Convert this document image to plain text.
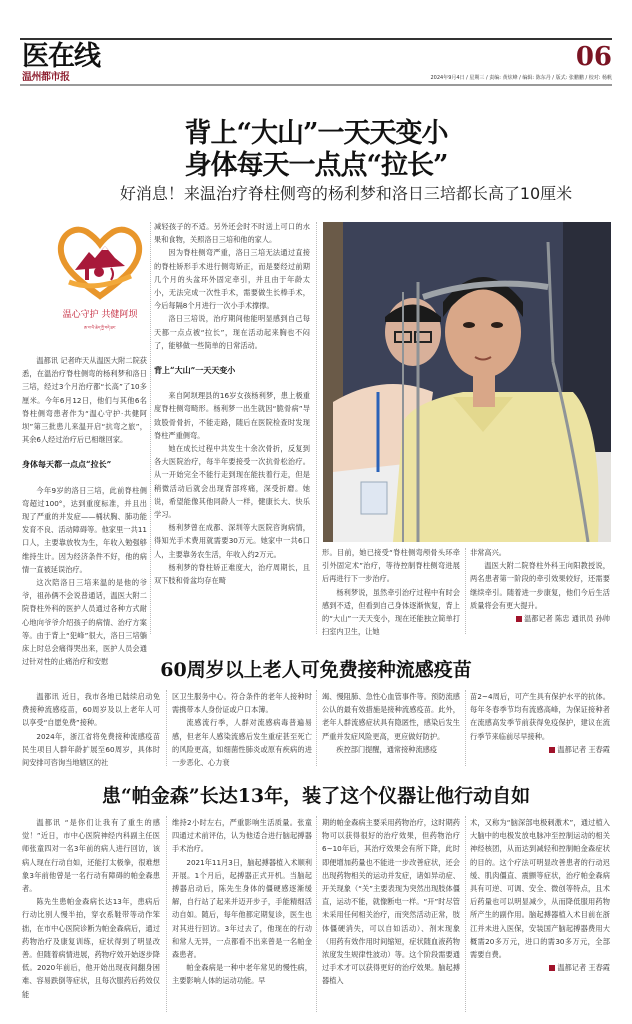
医在线
温州都市报
06
2024年9月4日 / 星期三 / 责编: 黄炫峰 / 编辑: 陈东丹 / 版式: 张鹏鹏 / 校对: 杨帆
背上“大山”一天天变小
身体每天一点点“拉长”
好消息！来温治疗脊柱侧弯的杨利梦和洛日三培都长高了10厘米
温心守护 共健阿坝
ཨ་བ་ཡི་ཆེད་ཀྱི་བདེ་ཐང་

温都讯 记者昨天从温医大附二院获悉，在温治疗脊柱侧弯的杨利梦和洛日三培，经过3个月治疗都“长高”了10多厘米。今年6月12日，他们与其他6名脊柱侧弯患者作为“温心守护·共健阿坝”第三批患儿来温开启“抗弯之旅”，其余6人经过治疗后已相继回家。

身体每天都一点点“拉长”

今年9岁的洛日三培，此前脊柱侧弯超过100°，达到重度标准，并且出现了严重的并发症——桶状胸、肺功能发育不良、活动障碍等。他家里一共11口人，主要靠放牧为生，年收入勉强够维持生计。因为经济条件不好，他的病情一直被延误治疗。

这次陪洛日三培来温的是他的爷爷，祖孙俩不会说普通话，温医大附二院脊柱外科的医护人员通过各种方式耐心地向爷爷介绍孩子的病情、治疗方案等。由于背上“犯峰”很大，洛日三培躺床上时总会痛得哭出来，医护人员会通过针对性的止痛治疗和安慰

减轻孩子的不适。另外还会时不时送上可口的水果和食物，关照洛日三培和他的家人。

因为脊柱侧弯严重，洛日三培无法通过直接的脊柱矫形手术进行侧弯矫正，而是要经过前期几个月的头盆环外固定牵引，并且由于年龄太小，无法完成一次性手术，需要做生长棒手术，今后每隔8个月进行一次小手术撑撑。

洛日三培说，治疗期间他能明显感到自己每天都一点点被“拉长”，现在活动起来胸也不闷了，能够做一些简单的日常活动。

背上“大山”一天天变小

来自阿坝理县的16岁女孩杨利梦，患上极重度脊柱侧弯畸形。杨利梦一出生就因“脆骨病”导致股骨骨折，不能走路，随后在医院检查时发现脊柱严重侧弯。

她在成长过程中共发生十余次骨折，反复到各大医院治疗，每半年要接受一次抗骨松治疗。从一开始完全不能行走到现在能扶着行走，但是稍微活动后就会出现背部疼痛，深受折磨。她说，希望能像其他同龄人一样，健康长大、快乐学习。

杨利梦曾在成都、深圳等大医院咨询病情，得知光手术费用就需要30万元。她家中一共6口人，主要靠务农生活，年收入约2万元。

杨利梦的脊柱矫正难度大，治疗周期长，且双下肢和骨盆均存在畸

形。目前，她已接受“脊柱侧弯颅骨头环牵引外固定术”治疗，等待控制脊柱侧弯进展后再进行下一步治疗。

杨利梦说，虽然牵引治疗过程中有时会感到不适，但看到自己身体逐渐恢复，背上的“大山”一天天变小，现在还能独立简单打扫室内卫生，让她

非常高兴。

温医大附二院脊柱外科王向阳教授说，两名患者第一阶段的牵引效果较好，还需要继续牵引。随着进一步康复，他们今后生活质量将会有更大提升。

温都记者 陈忠 通讯员 孙帅

60周岁以上老人可免费接种流感疫苗

温都讯 近日，我市各地已陆续启动免费接种流感疫苗，60周岁及以上老年人可以享受“自愿免费”接种。

2024年，浙江省将免费接种流感疫苗民生项目人群年龄扩展至60周岁，具体时间安排可咨询当地辖区的社

区卫生服务中心。符合条件的老年人接种时需携带本人身份证或户口本簿。

流感流行季，人群对流感病毒普遍易感，但老年人感染流感后发生重症甚至死亡的风险更高，如细菌性肺炎或原有疾病的进一步恶化、心力衰

竭、慢阻肺、急性心血管事件等。预防流感公认的最有效措施是接种流感疫苗。此外，老年人群流感症状具有隐匿性，感染后发生严重并发症风险更高，更应做好防护。

疾控部门提醒，通常接种流感疫

苗2~4周后，可产生具有保护水平的抗体。每年冬春季节均有流感高峰，为保证接种者在流感高发季节前获得免疫保护，建议在流行季节来临前尽早接种。

温都记者 王春霞

患“帕金森”长达13年，装了这个仪器让他行动自如

温都讯 “是你们让我有了重生的感觉！”近日，市中心医院神经内科副主任医师张童四对一名3年前的病人进行回访，该病人现在行动自如，还能打太极拳，很难想象3年前他曾是一名行动有障碍的帕金森患者。

陈先生患帕金森病长达13年，患病后行动比别人慢半拍，穿衣系鞋带等动作笨拙，在市中心医院诊断为帕金森病后，通过药物治疗及康复训练，症状得到了明显改善。但随着病情进展，药物疗效开始逐步降低。2020年前后，他开始出现夜间翻身困难、容易跌倒等症状，且每次服药后药效仅能

维持2小时左右，严重影响生活质量。张童四通过术前评估，认为他适合进行脑起搏器手术治疗。

2021年11月3日，脑起搏器植入术顺利开展。1个月后，起搏器正式开机。当脑起搏器启动后，陈先生身体的僵硬感逐渐缓解，自行站了起来并迈开步子，手能精细活动自如。随后，每年他都定期复诊，医生也对其进行回访。3年过去了，他现在的行动和常人无异，一点都看不出来曾是一名帕金森患者。

帕金森病是一种中老年常见的慢性病，主要影响人体的运动功能。早

期的帕金森病主要采用药物治疗，这时期药物可以获得很好的治疗效果，但药物治疗6~10年后，其治疗效果会有所下降，此时即便增加药量也不能进一步改善症状，还会出现药物相关的运动并发症，诸如异动症、开关现象（“关”主要表现为突然出现肢体僵直，运动不能，就像断电一样。“开”时尽管未采用任何相关治疗，而突然活动正常，肢体僵硬消失，可以自如活动）、剂末现象（用药有效作用时间缩短，症状随血液药物浓度发生规律性波动）等。这个阶段需要通过手术才可以获得更好的治疗效果。脑起搏器植入

术，又称为“脑深部电极刺激术”，通过植入大脑中的电极发放电脉冲至控制运动的相关神经核团，从而达到减轻和控制帕金森症状的目的。这个疗法可明显改善患者的行动迟缓、肌肉僵直、震颤等症状，治疗帕金森病具有可逆、可调、安全、微创等特点，且术后药量也可以明显减少，从而降低服用药物所产生的副作用。脑起搏器植入术目前在浙江并未进入医保，安装国产脑起搏器费用大概需20多万元，进口的需30多万元，全部需要自费。

温都记者 王春霞
